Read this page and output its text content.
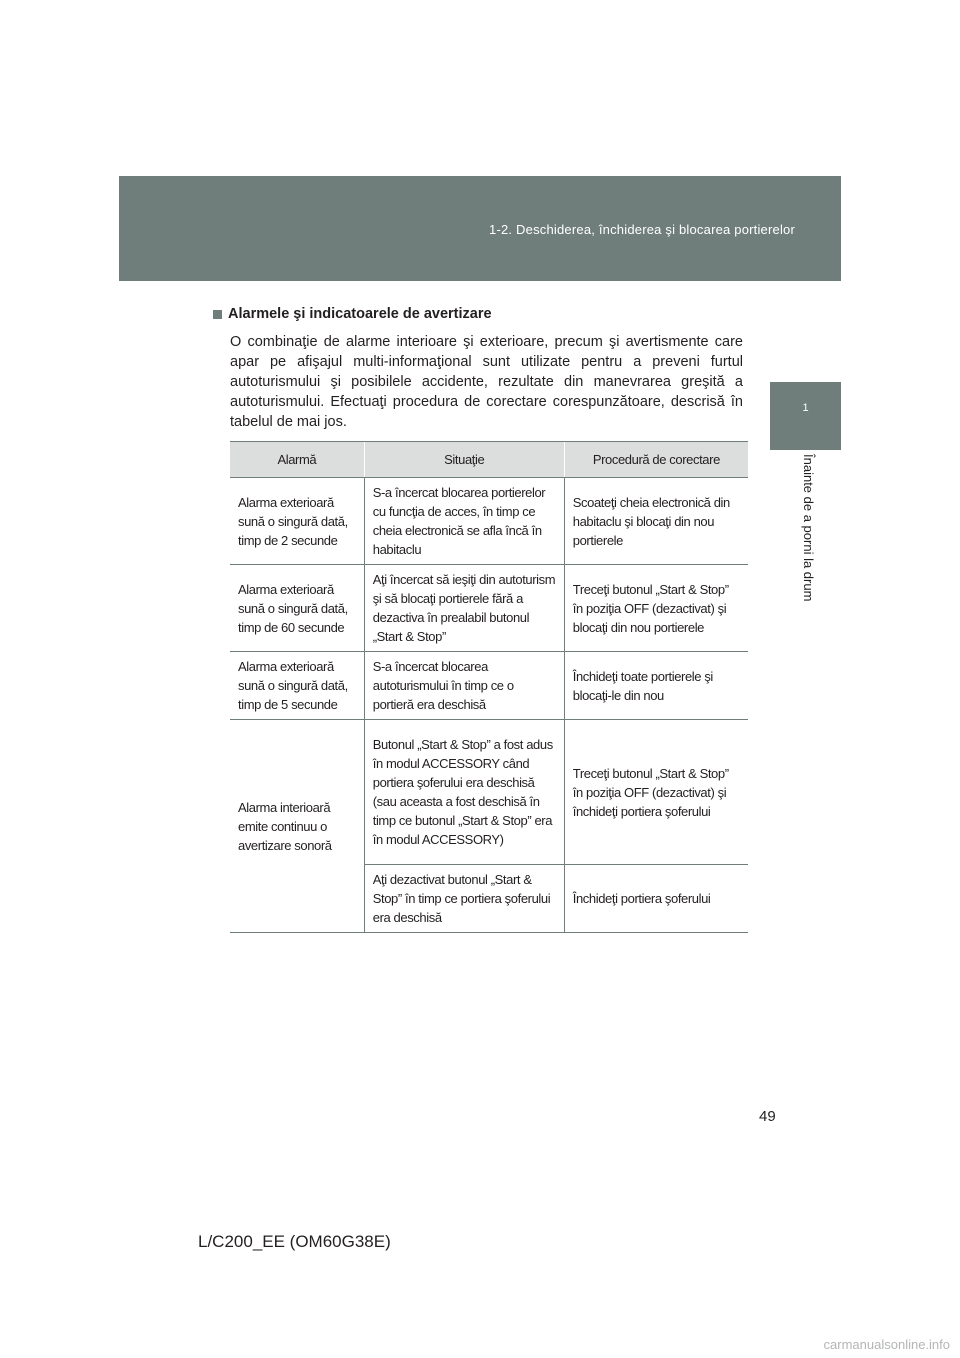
1-2. Deschiderea, închiderea şi blocarea portierelor
1
Înainte de a porni la drum
Alarmele şi indicatoarele de avertizare
O combinaţie de alarme interioare şi exterioare, precum şi avertismente care apar pe afişajul multi-informaţional sunt utilizate pentru a preveni furtul autoturismului şi posibilele accidente, rezultate din manevrarea greşită a autoturismului. Efectuaţi procedura de corectare corespunzătoare, descrisă în tabelul de mai jos.
Alarmă	Situaţie	Procedură de corectare
Alarma exterioară sună o singură dată, timp de 2 secunde	S-a încercat blocarea portierelor cu funcţia de acces, în timp ce cheia electronică se afla încă în habitaclu	Scoateţi cheia electronică din habitaclu şi blocaţi din nou portierele
Alarma exterioară sună o singură dată, timp de 60 secunde	Aţi încercat să ieşiţi din autoturism şi să blocaţi portierele fără a dezactiva în prealabil butonul „Start & Stop”	Treceţi butonul „Start & Stop” în poziţia OFF (dezactivat) şi blocaţi din nou portierele
Alarma exterioară sună o singură dată, timp de 5 secunde	S-a încercat blocarea autoturismului în timp ce o portieră era deschisă	Închideţi toate portierele şi blocaţi-le din nou
Alarma interioară emite continuu o avertizare sonoră	Butonul „Start & Stop” a fost adus în modul ACCESSORY când portiera şoferului era deschisă (sau aceasta a fost deschisă în timp ce butonul „Start & Stop” era în modul ACCESSORY)	Treceţi butonul „Start & Stop” în poziţia OFF (dezactivat) şi închideţi portiera şoferului
	Aţi dezactivat butonul „Start & Stop” în timp ce portiera şoferului era deschisă	Închideţi portiera şoferului
49
L/C200_EE (OM60G38E)
carmanualsonline.info
